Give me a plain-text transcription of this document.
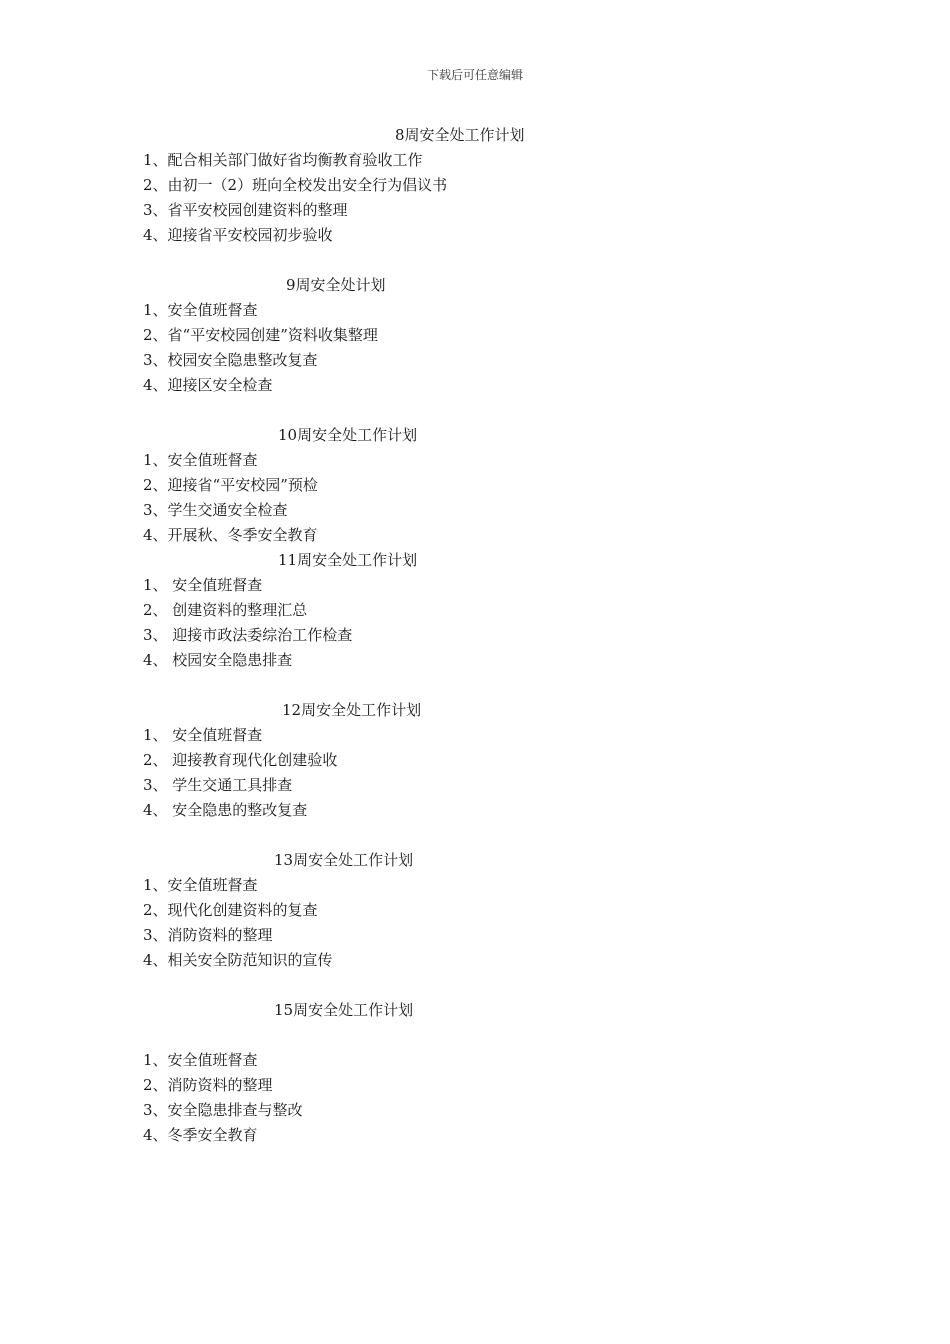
下载后可任意编辑
8周安全处工作计划
1、配合相关部门做好省均衡教育验收工作
2、由初一（2）班向全校发出安全行为倡议书
3、省平安校园创建资料的整理
4、迎接省平安校园初步验收
9周安全处计划
1、安全值班督查
2、省“平安校园创建”资料收集整理
3、校园安全隐患整改复查
4、迎接区安全检查
10周安全处工作计划
1、安全值班督查
2、迎接省“平安校园”预检
3、学生交通安全检查
4、开展秋、冬季安全教育
11周安全处工作计划
1、 安全值班督查
2、 创建资料的整理汇总
3、 迎接市政法委综治工作检查
4、 校园安全隐患排查
12周安全处工作计划
1、 安全值班督查
2、 迎接教育现代化创建验收
3、 学生交通工具排查
4、 安全隐患的整改复查
13周安全处工作计划
1、安全值班督查
2、现代化创建资料的复查
3、消防资料的整理
4、相关安全防范知识的宣传
15周安全处工作计划
1、安全值班督查
2、消防资料的整理
3、安全隐患排查与整改
4、冬季安全教育
